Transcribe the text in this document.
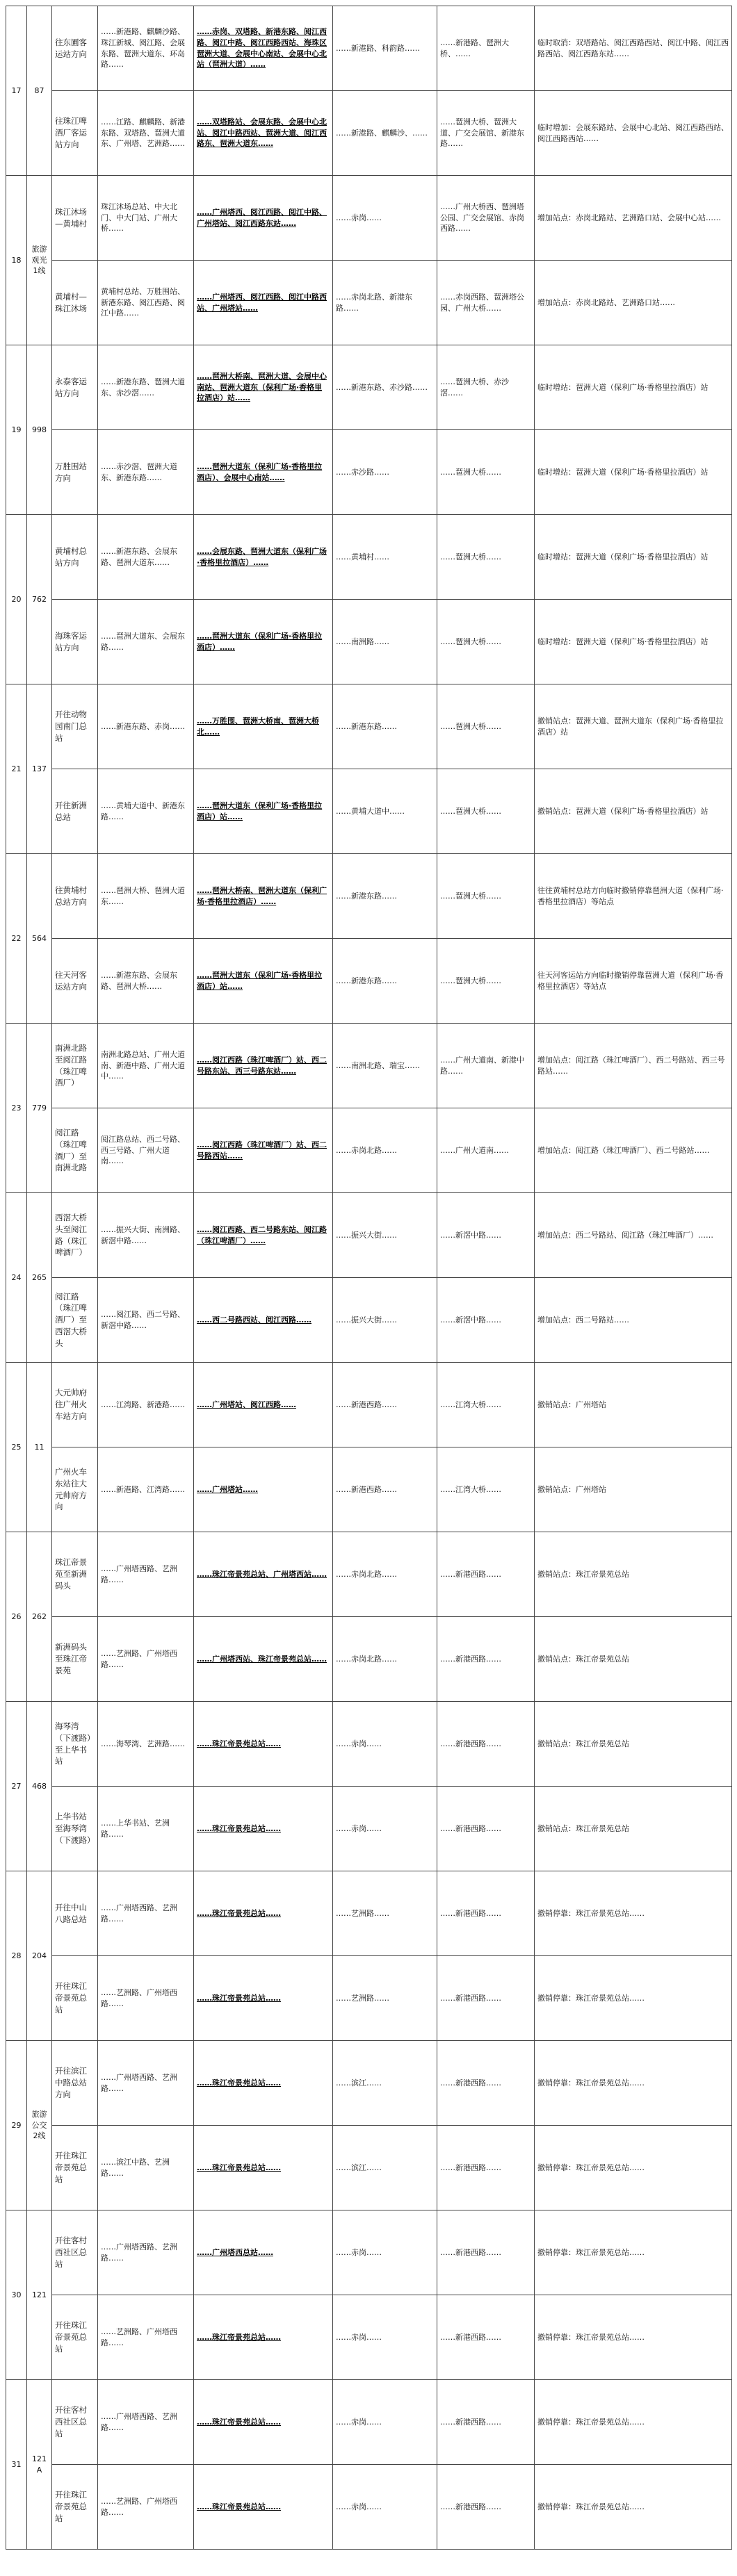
17	87	往东圃客运站方向	……新港路、麒麟沙路、珠江新城、阅江路、会展东路、琶洲大道东、环岛路……	……赤岗、双塔路、新港东路、阅江西路、阅江中路、阅江西路西站、海珠区琶洲大道、会展中心南站、会展中心北站（琶洲大道）……	……新港路、科韵路……	……新港路、琶洲大桥、……	临时取消：双塔路站、阅江西路西站、阅江中路、阅江西路西站、阅江西路东站……
		往珠江啤酒厂客运站方向	……江路、麒麟路、新港东路、双塔路、琶洲大道东、广州塔、艺洲路……	……双塔路站、会展东路、会展中心北站、阅江中路西站、琶洲大道、阅江西路东、琶洲大道东……	……新港路、麒麟沙、……	……琶洲大桥、琶洲大道、广交会展馆、新港东路……	临时增加：会展东路站、会展中心北站、阅江西路西站、阅江西路西站……
18	旅游观光1线	珠江沐场—黄埔村	珠江沐场总站、中大北门、中大门站、广州大桥……	……广州塔西、阅江西路、阅江中路、广州塔站、阅江西路东站……	……赤岗……	……广州大桥西、琶洲塔公园、广交会展馆、赤岗西路……	增加站点：赤岗北路站、艺洲路口站、会展中心站……
		黄埔村—珠江沐场	黄埔村总站、万胜围站、新港东路、阅江西路、阅江中路……	……广州塔西、阅江西路、阅江中路西站、广州塔站……	……赤岗北路、新港东路……	……赤岗西路、琶洲塔公园、广州大桥……	增加站点：赤岗北路站、艺洲路口站……
19	998	永泰客运站方向	……新港东路、琶洲大道东、赤沙滘……	……琶洲大桥南、琶洲大道、会展中心南站、琶洲大道东（保利广场·香格里拉酒店）站……	……新港东路、赤沙路……	……琶洲大桥、赤沙滘……	临时增站：琶洲大道（保利广场·香格里拉酒店）站
		万胜围站方向	……赤沙滘、琶洲大道东、新港东路……	……琶洲大道东（保利广场·香格里拉酒店）、会展中心南站……	……赤沙路……	……琶洲大桥……	临时增站：琶洲大道（保利广场·香格里拉酒店）站
20	762	黄埔村总站方向	……新港东路、会展东路、琶洲大道东……	……会展东路、琶洲大道东（保利广场·香格里拉酒店）……	……黄埔村……	……琶洲大桥……	临时增站：琶洲大道（保利广场·香格里拉酒店）站
		海珠客运站方向	……琶洲大道东、会展东路……	……琶洲大道东（保利广场·香格里拉酒店）……	……南洲路……	……琶洲大桥……	临时增站：琶洲大道（保利广场·香格里拉酒店）站
21	137	开往动物园南门总站	……新港东路、赤岗……	……万胜围、琶洲大桥南、琶洲大桥北……	……新港东路……	……琶洲大桥……	撤销站点：琶洲大道、琶洲大道东（保利广场·香格里拉酒店）站
		开往新洲总站	……黄埔大道中、新港东路……	……琶洲大道东（保利广场·香格里拉酒店）站……	……黄埔大道中……	……琶洲大桥……	撤销站点：琶洲大道（保利广场·香格里拉酒店）站
22	564	往黄埔村总站方向	……琶洲大桥、琶洲大道东……	……琶洲大桥南、琶洲大道东（保利广场·香格里拉酒店）……	……新港东路……	……琶洲大桥……	往往黄埔村总站方向临时撤销停靠琶洲大道（保利广场·香格里拉酒店）等站点
		往天河客运站方向	……新港东路、会展东路、琶洲大桥……	……琶洲大道东（保利广场·香格里拉酒店）站……	……新港东路……	……琶洲大桥……	往天河客运站方向临时撤销停靠琶洲大道（保利广场·香格里拉酒店）等站点
23	779	南洲北路至阅江路（珠江啤酒厂）	南洲北路总站、广州大道南、新港中路、广州大道中……	……阅江西路（珠江啤酒厂）站、西二号路东站、西三号路东站……	……南洲北路、瑞宝……	……广州大道南、新港中路……	增加站点：阅江路（珠江啤酒厂）、西二号路站、西三号路站……
		阅江路（珠江啤酒厂）至南洲北路	阅江路总站、西二号路、西三号路、广州大道南……	……阅江西路（珠江啤酒厂）站、西二号路西站……	……赤岗北路……	……广州大道南……	增加站点：阅江路（珠江啤酒厂）、西二号路站……
24	265	西滘大桥头至阅江路（珠江啤酒厂）	……振兴大街、南洲路、新滘中路……	……阅江西路、西二号路东站、阅江路（珠江啤酒厂）……	……振兴大街……	……新滘中路……	增加站点：西二号路站、阅江路（珠江啤酒厂）……
		阅江路（珠江啤酒厂）至西滘大桥头	……阅江路、西二号路、新滘中路……	……西二号路西站、阅江西路……	……振兴大街……	……新滘中路……	增加站点：西二号路站……
25	11	大元帅府往广州火车站方向	……江湾路、新港路……	……广州塔站、阅江西路……	……新港西路……	……江湾大桥……	撤销站点：广州塔站
		广州火车东站往大元帅府方向	……新港路、江湾路……	……广州塔站……	……新港西路……	……江湾大桥……	撤销站点：广州塔站
26	262	珠江帝景苑至新洲码头	……广州塔西路、艺洲路……	……珠江帝景苑总站、广州塔西站……	……赤岗北路……	……新港西路……	撤销站点：珠江帝景苑总站
		新洲码头至珠江帝景苑	……艺洲路、广州塔西路……	……广州塔西站、珠江帝景苑总站……	……赤岗北路……	……新港西路……	撤销站点：珠江帝景苑总站
27	468	海琴湾（下渡路）至上华书站	……海琴湾、艺洲路……	……珠江帝景苑总站……	……赤岗……	……新港西路……	撤销站点：珠江帝景苑总站
		上华书站至海琴湾（下渡路）	……上华书站、艺洲路……	……珠江帝景苑总站……	……赤岗……	……新港西路……	撤销站点：珠江帝景苑总站
28	204	开往中山八路总站	……广州塔西路、艺洲路……	……珠江帝景苑总站……	……艺洲路……	……新港西路……	撤销停靠：珠江帝景苑总站……
		开往珠江帝景苑总站	……艺洲路、广州塔西路……	……珠江帝景苑总站……	……艺洲路……	……新港西路……	撤销停靠：珠江帝景苑总站……
29	旅游公交2线	开往滨江中路总站方向	……广州塔西路、艺洲路……	……珠江帝景苑总站……	……滨江……	……新港西路……	撤销停靠：珠江帝景苑总站……
		开往珠江帝景苑总站	……滨江中路、艺洲路……	……珠江帝景苑总站……	……滨江……	……新港西路……	撤销停靠：珠江帝景苑总站……
30	121	开往客村西社区总站	……广州塔西路、艺洲路……	……广州塔西总站……	……赤岗……	……新港西路……	撤销停靠：珠江帝景苑总站……
		开往珠江帝景苑总站	……艺洲路、广州塔西路……	……珠江帝景苑总站……	……赤岗……	……新港西路……	撤销停靠：珠江帝景苑总站……
31	121A	开往客村西社区总站	……广州塔西路、艺洲路……	……珠江帝景苑总站……	……赤岗……	……新港西路……	撤销停靠：珠江帝景苑总站……
		开往珠江帝景苑总站	……艺洲路、广州塔西路……	……珠江帝景苑总站……	……赤岗……	……新港西路……	撤销停靠：珠江帝景苑总站……
